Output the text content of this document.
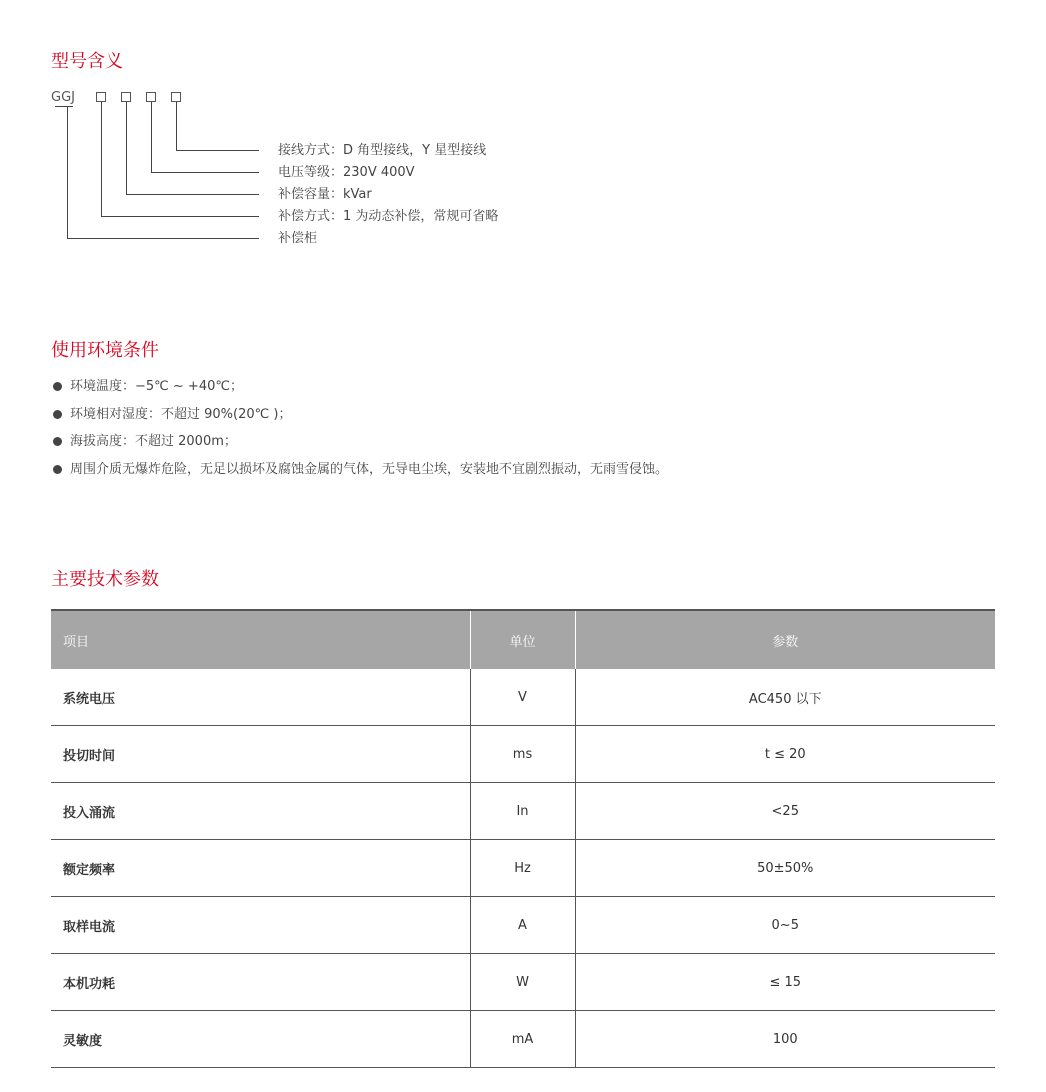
型号含义
GGJ
接线方式：D 角型接线，Y 星型接线
电压等级：230V 400V
补偿容量：kVar
补偿方式：1 为动态补偿，常规可省略
补偿柜
使用环境条件
环境温度：−5℃ ~ +40℃；
环境相对湿度：不超过 90%(20℃ )；
海拔高度：不超过 2000m；
周围介质无爆炸危险，无足以损坏及腐蚀金属的气体，无导电尘埃，安装地不宜剧烈振动，无雨雪侵蚀。
主要技术参数
项目	单位	参数
系统电压	V	AC450 以下
投切时间	ms	t ≤ 20
投入涌流	In	<25
额定频率	Hz	50±50%
取样电流	A	0~5
本机功耗	W	≤ 15
灵敏度	mA	100
